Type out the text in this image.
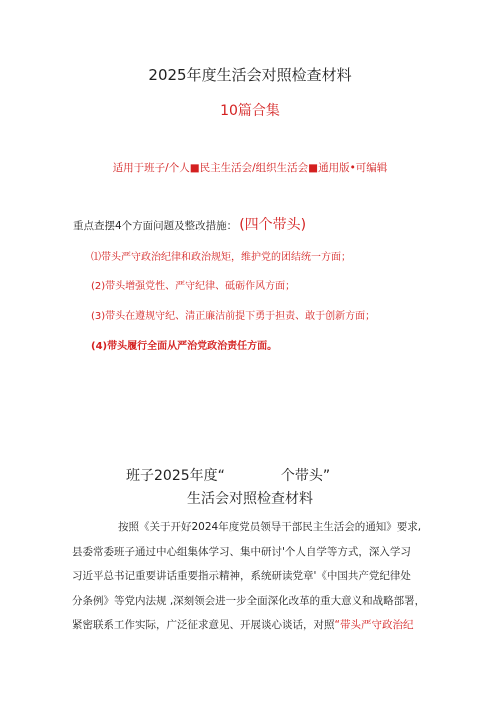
2025年度生活会对照检查材料
10篇合集
适用于班子/个人■民主生活会/组织生活会■通用版•可编辑
重点查摆4个方面问题及整改措施： (四个带头)
⑴带头严守政治纪律和政治规矩，维护党的团结统一方面；
(2)带头增强党性、严守纪律、砥砺作风方面；
(3)带头在遵规守纪、清正廉洁前提下勇于担责、敢于创新方面；
(4)带头履行全面从严治党政治责任方面。
班子2025年度“	个带头”
生活会对照检查材料
按照《关于开好2024年度党员领导干部民主生活会的通知》要求,
县委常委班子通过中心组集体学习、集中研讨'个人自学等方式，深入学习
习近平总书记重要讲话重要指示精神，系统研读党章'《中国共产党纪律处
分条例》等党内法规 ,深刻领会进一步全面深化改革的重大意义和战略部署，
紧密联系工作实际，广泛征求意见、开展谈心谈话，对照“带头严守政治纪
